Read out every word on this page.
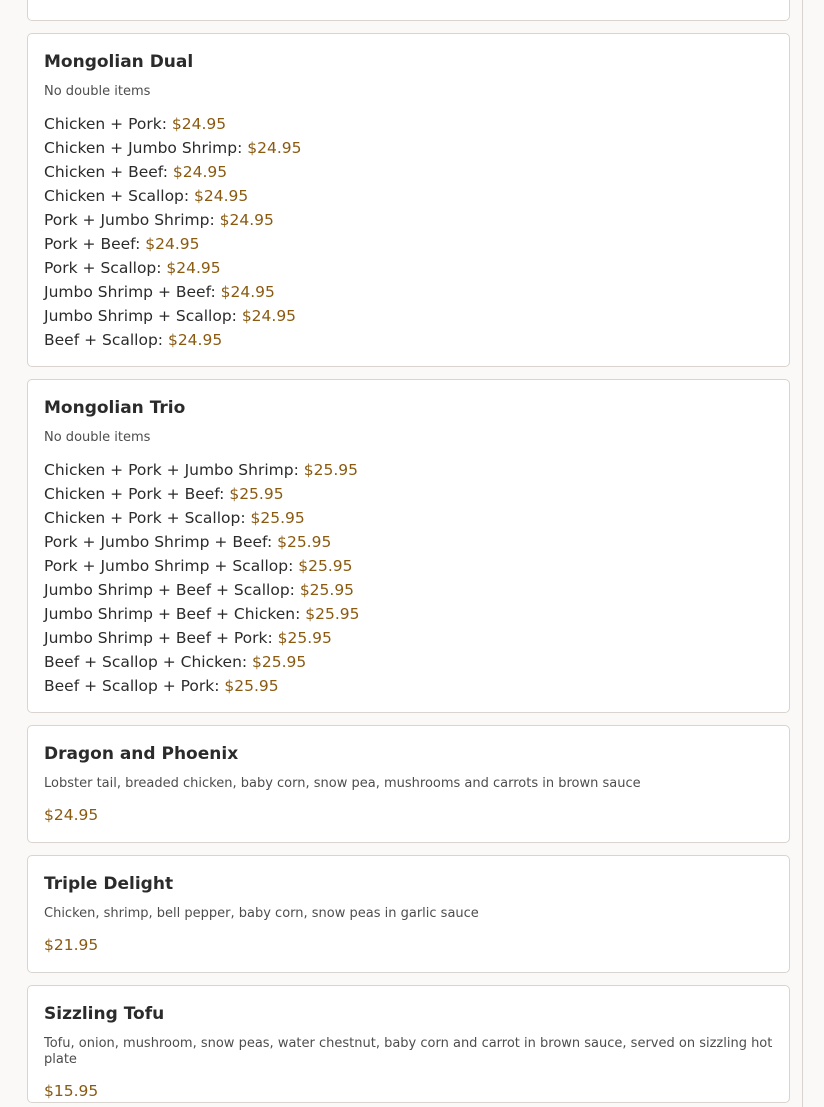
Mongolian Dual
No double items
Chicken + Pork: $24.95
Chicken + Jumbo Shrimp: $24.95
Chicken + Beef: $24.95
Chicken + Scallop: $24.95
Pork + Jumbo Shrimp: $24.95
Pork + Beef: $24.95
Pork + Scallop: $24.95
Jumbo Shrimp + Beef: $24.95
Jumbo Shrimp + Scallop: $24.95
Beef + Scallop: $24.95
Mongolian Trio
No double items
Chicken + Pork + Jumbo Shrimp: $25.95
Chicken + Pork + Beef: $25.95
Chicken + Pork + Scallop: $25.95
Pork + Jumbo Shrimp + Beef: $25.95
Pork + Jumbo Shrimp + Scallop: $25.95
Jumbo Shrimp + Beef + Scallop: $25.95
Jumbo Shrimp + Beef + Chicken: $25.95
Jumbo Shrimp + Beef + Pork: $25.95
Beef + Scallop + Chicken: $25.95
Beef + Scallop + Pork: $25.95
Dragon and Phoenix
Lobster tail, breaded chicken, baby corn, snow pea, mushrooms and carrots in brown sauce
$24.95
Triple Delight
Chicken, shrimp, bell pepper, baby corn, snow peas in garlic sauce
$21.95
Sizzling Tofu
Tofu, onion, mushroom, snow peas, water chestnut, baby corn and carrot in brown sauce, served on sizzling hot plate
$15.95
